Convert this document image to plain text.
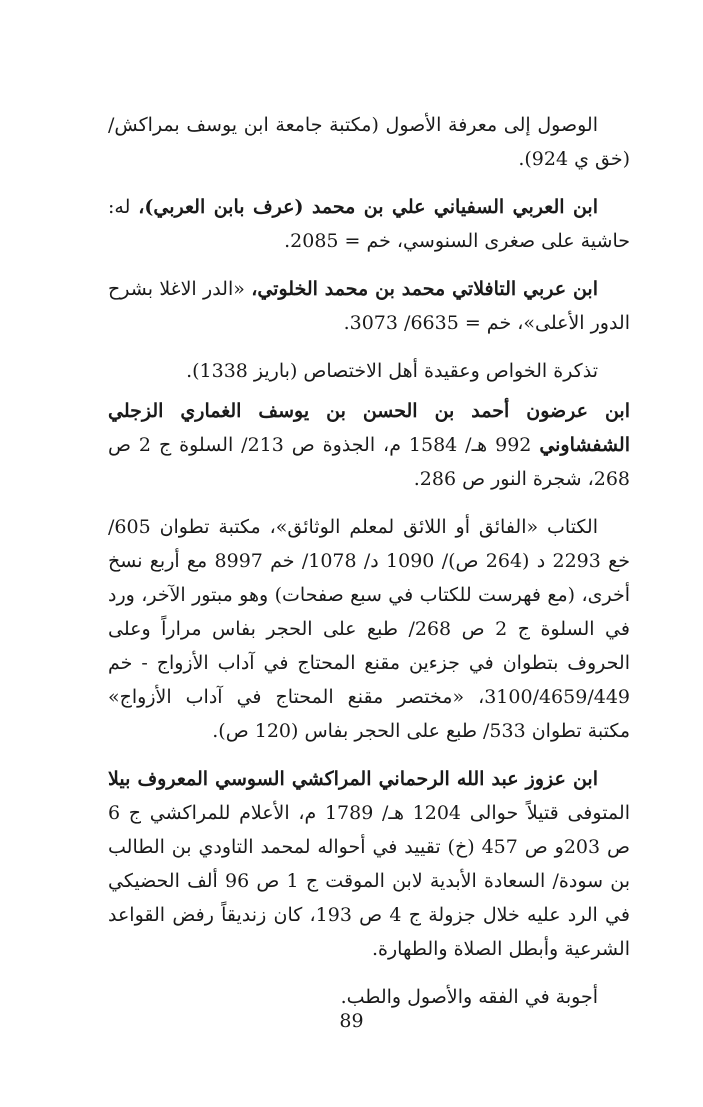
الوصول إلى معرفة الأصول (مكتبة جامعة ابن يوسف بمراكش/ (خق ي 924).

ابن العربي السفياني علي بن محمد (عرف بابن العربي)، له: حاشية على صغرى السنوسي، خم = 2085.

ابن عربي التافلاتي محمد بن محمد الخلوتي، «الدر الاغلا بشرح الدور الأعلى»، خم = 6635/ 3073.

تذكرة الخواص وعقيدة أهل الاختصاص (باريز 1338).

ابن عرضون أحمد بن الحسن بن يوسف الغماري الزجلي الشفشاوني 992 هـ/ 1584 م، الجذوة ص 213/ السلوة ج 2 ص 268، شجرة النور ص 286.

الكتاب «الفائق أو اللائق لمعلم الوثائق»، مكتبة تطوان 605/ خع 2293 د (264 ص)/ 1090 د/ 1078/ خم 8997 مع أربع نسخ أخرى، (مع فهرست للكتاب في سبع صفحات) وهو مبتور الآخر، ورد في السلوة ج 2 ص 268/ طبع على الحجر بفاس مراراً وعلى الحروف بتطوان في جزءين مقنع المحتاج في آداب الأزواج - خم 3100/4659/449، «مختصر مقنع المحتاج في آداب الأزواج» مكتبة تطوان 533/ طبع على الحجر بفاس (120 ص).

ابن عزوز عبد الله الرحماني المراكشي السوسي المعروف بيلا المتوفى قتيلاً حوالى 1204 هـ/ 1789 م، الأعلام للمراكشي ج 6 ص 203و ص 457 (خ) تقييد في أحواله لمحمد التاودي بن الطالب بن سودة/ السعادة الأبدية لابن الموقت ج 1 ص 96 ألف الحضيكي في الرد عليه خلال جزولة ج 4 ص 193، كان زنديقاً رفض القواعد الشرعية وأبطل الصلاة والطهارة.

أجوبة في الفقه والأصول والطب.

89
